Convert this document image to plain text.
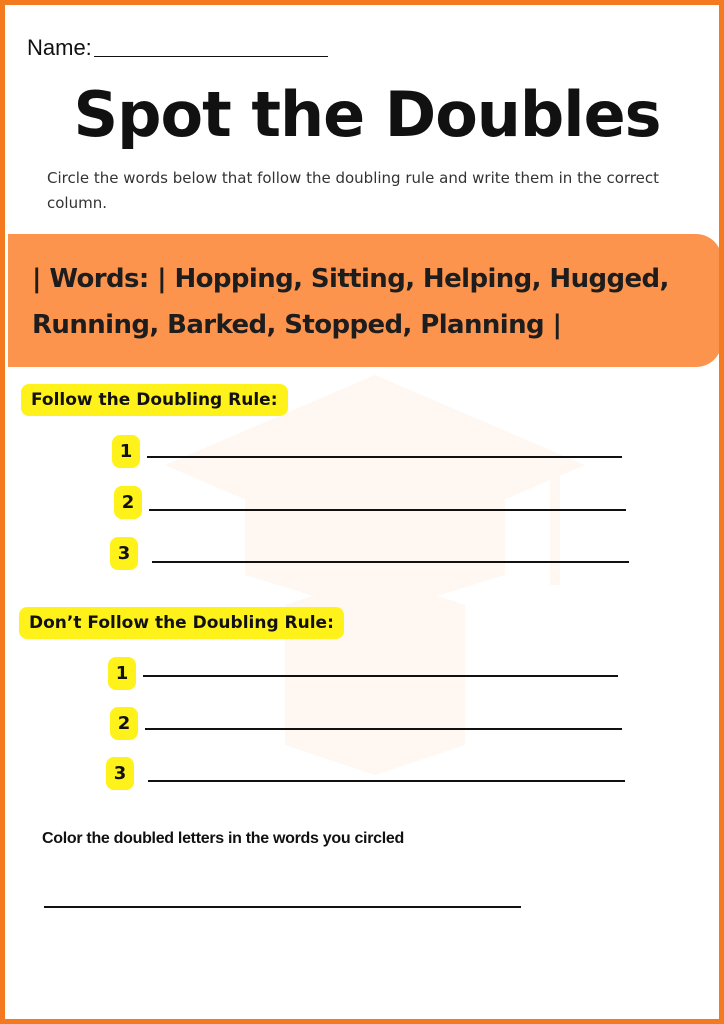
Name:
Spot the Doubles
Circle the words below that follow the doubling rule and write them in the correct column.
| Words: | Hopping, Sitting, Helping, Hugged,
Running, Barked, Stopped, Planning |
Follow the Doubling Rule:
1
2
3
Don’t Follow the Doubling Rule:
1
2
3
Color the doubled letters in the words you circled
